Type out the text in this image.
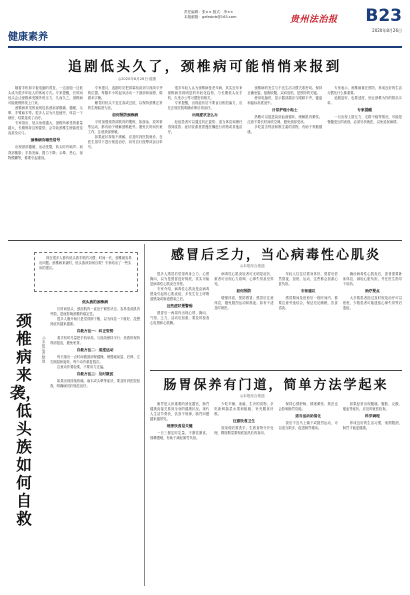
健康素养
责任编辑：张×× 版式：李××
本版邮箱：gzfzsbrb@163.com	贵州法治报 B23
2020年8月26日
追剧低头久了，颈椎病可能悄悄来报到
◎2020年8月26日·健康

随着手机和平板电脑的普及，一边追剧一边低头成为很多年轻人的休闲方式。专家提醒，长时间低头会让颈椎承受额外的压力，久而久之，颈椎病可能就悄悄找上门来。

颈椎病常见的表现包括颈肩部酸痛、僵硬，头晕、手臂麻木等。很多人以为只是疲劳，休息一下就好，结果延误了治疗。

专家指出，低头角度越大，颈椎所承受的重量越大，长期保持这种姿势，会导致颈椎生理曲度变直甚至反弓。

颈椎病有哪些信号

出现颈部僵硬、活动受限，转头时有响声；肩背部酸胀；手指发麻、握力下降；头晕、恶心、视物模糊等，都要引起重视。

专家建议，追剧时应把屏幕抬高到与视线平齐的位置，每隔半小时起身活动一下颈部和肩膀，做做米字操。

睡觉时枕头不宜过高或过低，以保持颈椎正常的生理曲度为宜。

如何预防颈椎病

平时加强颈背部肌肉的锻炼，如游泳、放风筝等运动，都有助于缓解颈椎疲劳。避免长时间伏案工作，注意颈部保暖。

如果症状持续不缓解，应及时到医院就诊，在医生指导下进行规范治疗，切勿自行按摩或盲目牵引。

很多年轻人认为颈椎病是老年病，其实近年来颈椎病呈现明显的年轻化趋势，与长期低头玩手机、久坐办公等习惯密切相关。

专家提醒，出现症状后不要盲目相信偏方，应在正规医院明确诊断后再治疗。

出现症状怎么办

轻症患者可以通过纠正姿势、适当休息和理疗得到改善；症状较重者需遵医嘱进行药物或其他治疗。

颈椎病的发生与不良生活习惯关系密切。保持正确坐姿，挺胸收腹，双肩放松，是预防的关键。

使用电脑时，显示器顶端应与眼睛平齐，键盘和鼠标高度适中。

日常护理小贴士

热敷可以促进局部血液循环，缓解肌肉紧张。注意不要长时间吹空调，避免颈部受凉。

多吃富含钙质和维生素的食物，有助于骨骼健康。

专家表示，颈椎病重在预防，养成良好的生活习惯比什么都重要。

追剧虽好，也要适度，别让颈椎为你的娱乐买单。

专家提醒

一旦出现上肢无力、走路不稳等情况，可能是脊髓受压的表现，必须尽快就医，以免延误病情。

现在很多人都有低头看手机的习惯，时间一长，颈椎就容易出问题。颈椎病来袭时，低头族该如何自救？专家给出了一些实用的建议。

颈椎病来袭，低头族如何自救
◎本报记者 整理
低头族的颈椎病

长时间低头，颈部肌肉一直处于紧张状态，容易造成肌肉劳损，进而影响颈椎的稳定性。

很多人刚开始只是觉得脖子酸，以为休息一下就好，没想到症状越来越重。

自救方法一：纠正姿势

看手机时尽量把手机举高，与视线保持平行；坐着时保持背部挺直，避免驼背。

自救方法二：适度运动

每天抽出一点时间做颈部保健操，缓慢地前屈、后伸、左右侧屈和旋转，每个动作重复数次。

注意动作要轻柔，不要用力过猛。

自救方法三：及时就医

如果出现持续疼痛、麻木或头晕等症状，要及时到医院检查，明确病因后规范治疗。

感冒后乏力，当心病毒性心肌炎
◎本报综合报道

很多人感冒后觉得浑身乏力、心慌胸闷，以为是感冒没好彻底，其实可能是病毒性心肌炎在作怪。

专家介绍，病毒性心肌炎是由病毒感染引起的心肌炎症，多发生在上呼吸道感染或肠道感染之后。

这些症状要警惕

感冒后一两周内出现心悸、胸闷、气短、乏力，活动后加重，要及时检查心电图和心肌酶。

病毒性心肌炎轻者可无明显症状，重者可出现心力衰竭、心律失常甚至猝死。

如何预防

增强体质，预防感冒；感冒后注意休息，避免剧烈运动和熬夜；如有不适及时就医。

年轻人往往仗着身体好，感冒后依然熬夜、加班、运动，这些都会加重心脏负担。

专家建议

感冒期间及痊愈后一段时间内，都要注意劳逸结合，保证充足睡眠，饮食清淡。

确诊病毒性心肌炎后，患者需要卧床休息，减轻心脏负担，并在医生指导下用药。

治疗要点

大多数患者经过及时规范治疗可以痊愈，少数患者可能遗留心律失常等后遗症。

肠胃保养有门道，简单方法学起来
◎本报综合报道

肠胃是人体重要的消化器官，肠胃健康直接关系到全身的健康状况。现代人生活节奏快，饮食不规律，肠胃问题越来越常见。

规律饮食是关键

一日三餐定时定量，不暴饮暴食，细嚼慢咽，有助于减轻肠胃负担。

少吃辛辣、油腻、生冷的食物，多吃新鲜蔬菜水果和粗粮，补充膳食纤维。

注意饮食卫生

饭前便后要洗手，生熟食物分开处理，剩饭剩菜要彻底加热后再食用。

保持心情舒畅，情绪紧张、焦虑也会影响肠胃功能。

适当运动助消化

饭后不宜马上躺下或剧烈运动，可以适当散步，促进肠胃蠕动。

如果经常出现腹痛、腹胀、反酸、便血等症状，应及时就医检查。

科学调理

养成良好的生活习惯，戒烟限酒，肠胃才能更健康。
